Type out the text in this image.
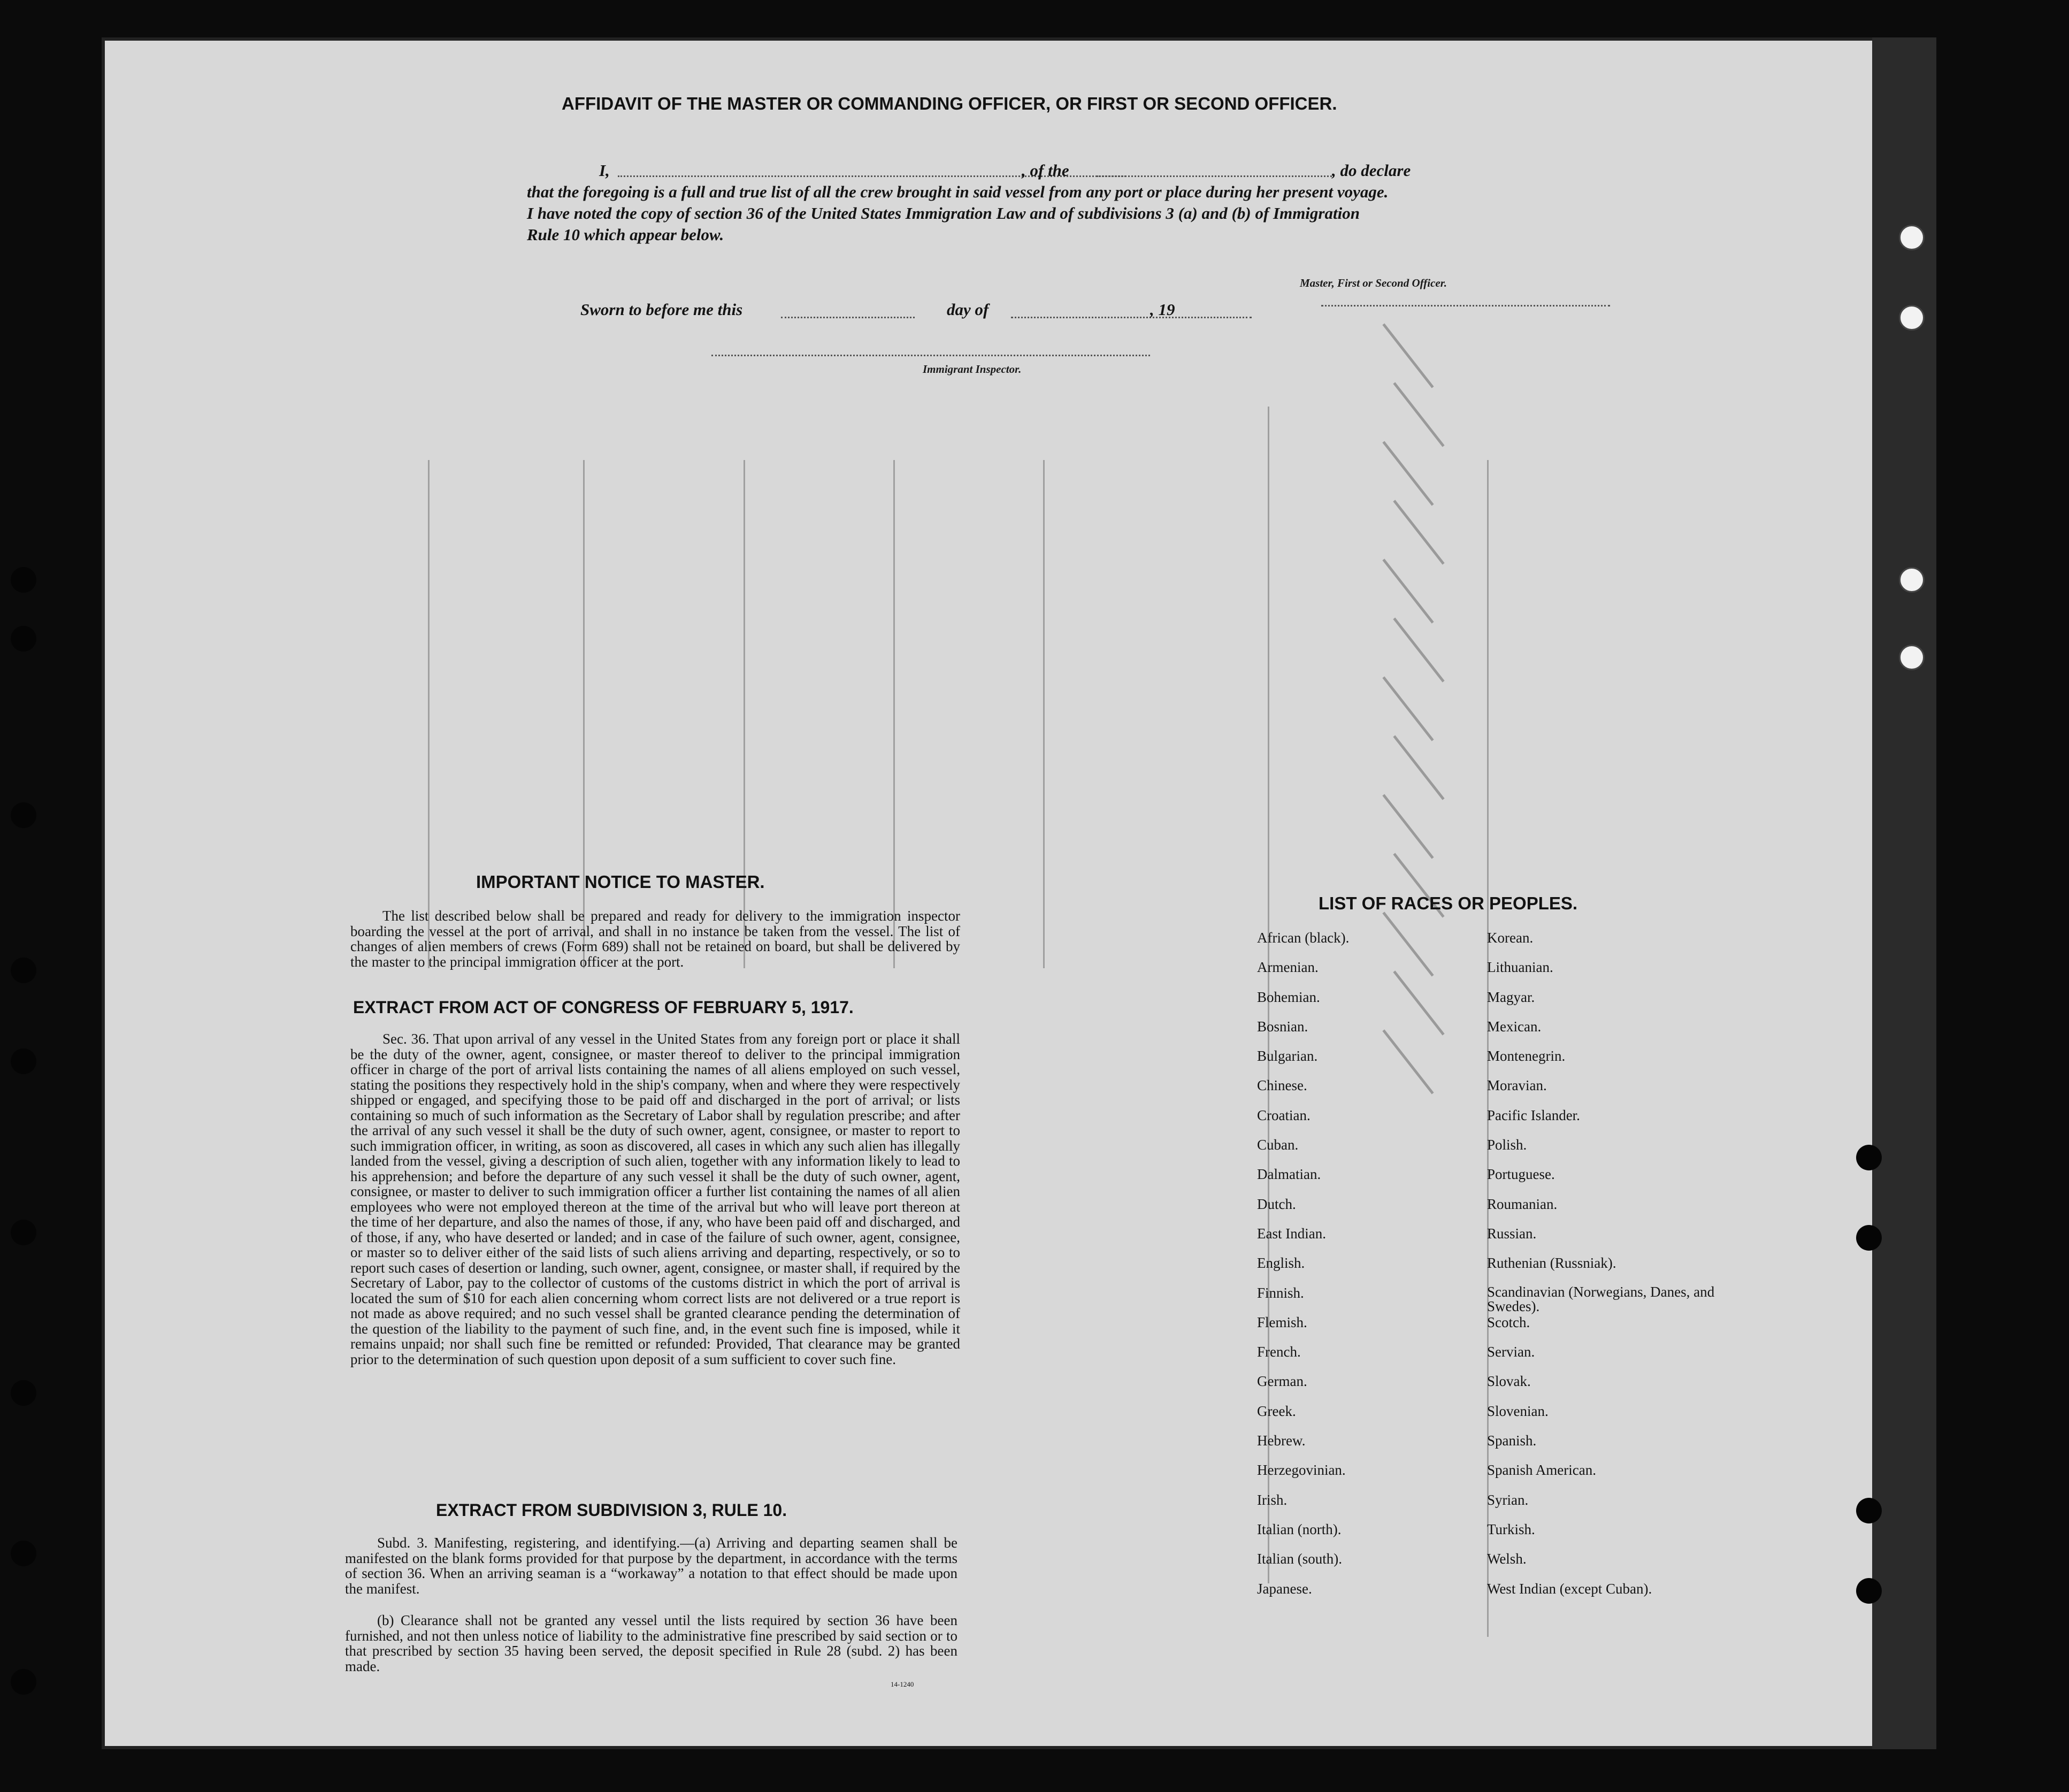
AFFIDAVIT OF THE MASTER OR COMMANDING OFFICER, OR FIRST OR SECOND OFFICER.
I,	, of the	, do declare
that the foregoing is a full and true list of all the crew brought in said vessel from any port or place during her present voyage.
I have noted the copy of section 36 of the United States Immigration Law and of subdivisions 3 (a) and (b) of Immigration
Rule 10 which appear below.
Master, First or Second Officer.
Sworn to before me this	day of	, 19
Immigrant Inspector.
IMPORTANT NOTICE TO MASTER.
The list described below shall be prepared and ready for delivery to the immigration inspector boarding the vessel at the port of arrival, and shall in no instance be taken from the vessel. The list of changes of alien members of crews (Form 689) shall not be retained on board, but shall be delivered by the master to the principal immigration officer at the port.
EXTRACT FROM ACT OF CONGRESS OF FEBRUARY 5, 1917.
Sec. 36. That upon arrival of any vessel in the United States from any foreign port or place it shall be the duty of the owner, agent, consignee, or master thereof to deliver to the principal immigration officer in charge of the port of arrival lists containing the names of all aliens employed on such vessel, stating the positions they respectively hold in the ship's company, when and where they were respectively shipped or engaged, and specifying those to be paid off and discharged in the port of arrival; or lists containing so much of such information as the Secretary of Labor shall by regulation prescribe; and after the arrival of any such vessel it shall be the duty of such owner, agent, consignee, or master to report to such immigration officer, in writing, as soon as discovered, all cases in which any such alien has illegally landed from the vessel, giving a description of such alien, together with any information likely to lead to his apprehension; and before the departure of any such vessel it shall be the duty of such owner, agent, consignee, or master to deliver to such immigration officer a further list containing the names of all alien employees who were not employed thereon at the time of the arrival but who will leave port thereon at the time of her departure, and also the names of those, if any, who have been paid off and discharged, and of those, if any, who have deserted or landed; and in case of the failure of such owner, agent, consignee, or master so to deliver either of the said lists of such aliens arriving and departing, respectively, or so to report such cases of desertion or landing, such owner, agent, consignee, or master shall, if required by the Secretary of Labor, pay to the collector of customs of the customs district in which the port of arrival is located the sum of $10 for each alien concerning whom correct lists are not delivered or a true report is not made as above required; and no such vessel shall be granted clearance pending the determination of the question of the liability to the payment of such fine, and, in the event such fine is imposed, while it remains unpaid; nor shall such fine be remitted or refunded: Provided, That clearance may be granted prior to the determination of such question upon deposit of a sum sufficient to cover such fine.
EXTRACT FROM SUBDIVISION 3, RULE 10.
Subd. 3. Manifesting, registering, and identifying.—(a) Arriving and departing seamen shall be manifested on the blank forms provided for that purpose by the department, in accordance with the terms of section 36. When an arriving seaman is a “workaway” a notation to that effect should be made upon the manifest.
(b) Clearance shall not be granted any vessel until the lists required by section 36 have been furnished, and not then unless notice of liability to the administrative fine prescribed by said section or to that prescribed by section 35 having been served, the deposit specified in Rule 28 (subd. 2) has been made.
14-1240
LIST OF RACES OR PEOPLES.
African (black).
Armenian.
Bohemian.
Bosnian.
Bulgarian.
Chinese.
Croatian.
Cuban.
Dalmatian.
Dutch.
East Indian.
English.
Finnish.
Flemish.
French.
German.
Greek.
Hebrew.
Herzegovinian.
Irish.
Italian (north).
Italian (south).
Japanese.
Korean.
Lithuanian.
Magyar.
Mexican.
Montenegrin.
Moravian.
Pacific Islander.
Polish.
Portuguese.
Roumanian.
Russian.
Ruthenian (Russniak).
Scandinavian (Norwegians, Danes, and Swedes).
Scotch.
Servian.
Slovak.
Slovenian.
Spanish.
Spanish American.
Syrian.
Turkish.
Welsh.
West Indian (except Cuban).
